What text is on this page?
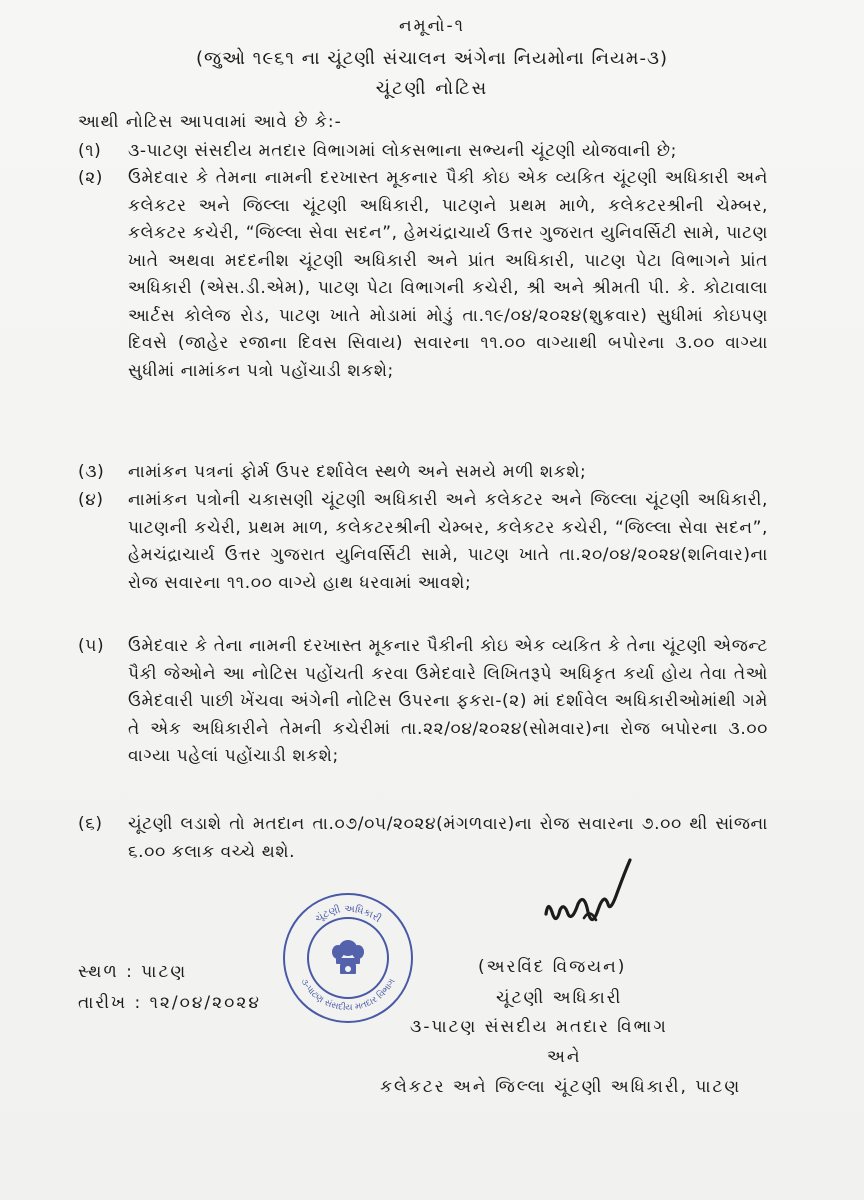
નમૂનો-૧
(જુઓ ૧૯૬૧ ના ચૂંટણી સંચાલન અંગેના નિયમોના નિયમ-૩)
ચૂંટણી નોટિસ
આથી નોટિસ આપવામાં આવે છે કે:-
(૧)	૩-પાટણ સંસદીય મતદાર વિભાગમાં લોકસભાના સભ્યની ચૂંટણી યોજવાની છે;
(૨)	ઉમેદવાર કે તેમના નામની દરખાસ્ત મૂકનાર પૈકી કોઇ એક વ્યકિત ચૂંટણી અધિકારી અને કલેકટર અને જિલ્લા ચૂંટણી અધિકારી, પાટણને પ્રથમ માળે, કલેકટરશ્રીની ચેમ્બર, કલેકટર કચેરી, “જિલ્લા સેવા સદન”, હેમચંદ્રાચાર્ય ઉત્તર ગુજરાત યુનિવર્સિટી સામે, પાટણ ખાતે અથવા મદદનીશ ચૂંટણી અધિકારી અને પ્રાંત અધિકારી, પાટણ પેટા વિભાગને પ્રાંત અધિકારી (એસ.ડી.એમ), પાટણ પેટા વિભાગની કચેરી, શ્રી અને શ્રીમતી પી. કે. કોટાવાલા આર્ટસ કોલેજ રોડ, પાટણ ખાતે મોડામાં મોડું તા.૧૯/૦૪/૨૦૨૪(શુક્રવાર) સુધીમાં કોઇપણ દિવસે (જાહેર રજાના દિવસ સિવાય) સવારના ૧૧.૦૦ વાગ્યાથી બપોરના ૩.૦૦ વાગ્યા સુધીમાં નામાંકન પત્રો પહોંચાડી શકશે;
(૩)	નામાંકન પત્રનાં ફોર્મ ઉપર દર્શાવેલ સ્થળે અને સમયે મળી શકશે;
(૪)	નામાંકન પત્રોની ચકાસણી ચૂંટણી અધિકારી અને કલેકટર અને જિલ્લા ચૂંટણી અધિકારી, પાટણની કચેરી, પ્રથમ માળ, કલેકટરશ્રીની ચેમ્બર, કલેકટર કચેરી, “જિલ્લા સેવા સદન”, હેમચંદ્રાચાર્ય ઉત્તર ગુજરાત યુનિવર્સિટી સામે, પાટણ ખાતે તા.૨૦/૦૪/૨૦૨૪(શનિવાર)ના રોજ સવારના ૧૧.૦૦ વાગ્યે હાથ ધરવામાં આવશે;
(૫)	ઉમેદવાર કે તેના નામની દરખાસ્ત મૂકનાર પૈકીની કોઇ એક વ્યકિત કે તેના ચૂંટણી એજન્ટ પૈકી જેઓને આ નોટિસ પહોંચતી કરવા ઉમેદવારે લિખિતરૂપે અધિકૃત કર્યા હોય તેવા તેઓ ઉમેદવારી પાછી ખેંચવા અંગેની નોટિસ ઉપરના ફકરા-(૨) માં દર્શાવેલ અધિકારીઓમાંથી ગમે તે એક અધિકારીને તેમની કચેરીમાં તા.૨૨/૦૪/૨૦૨૪(સોમવાર)ના રોજ બપોરના ૩.૦૦ વાગ્યા પહેલાં પહોંચાડી શકશે;
(૬)	ચૂંટણી લડાશે તો મતદાન તા.૦૭/૦૫/૨૦૨૪(મંગળવાર)ના રોજ સવારના ૭.૦૦ થી સાંજના ૬.૦૦ કલાક વચ્ચે થશે.
ચૂંટણી અધિકારી
૩-પાટણ સંસદીય મતદાર વિભાગ
સ્થળ : પાટણ
તારીખ : ૧૨/૦૪/૨૦૨૪
(અરવિંદ વિજયન)
ચૂંટણી અધિકારી
૩-પાટણ સંસદીય મતદાર વિભાગ
અને
કલેકટર અને જિલ્લા ચૂંટણી અધિકારી, પાટણ
